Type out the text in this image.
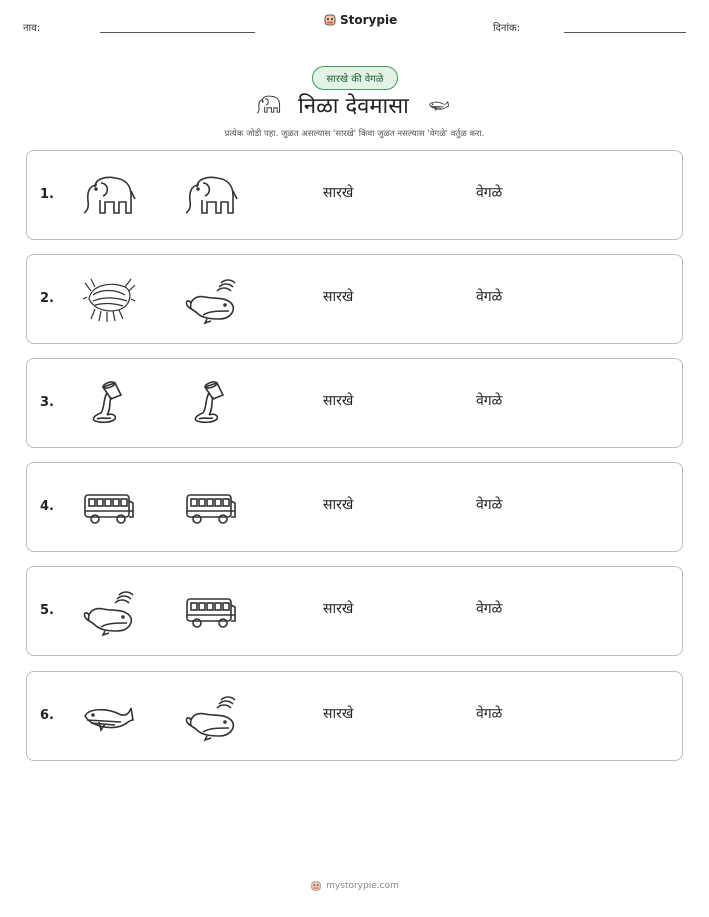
नाव:
Storypie
दिनांक:
सारखे की वेगळे
निळा देवमासा
प्रत्येक जोडी पहा. जुळत असल्यास 'सारखे' किंवा जुळत नसल्यास 'वेगळे' वर्तुळ करा.
1.	सारखे	वेगळे
2.	सारखे	वेगळे
3.	सारखे	वेगळे
4.	सारखे	वेगळे
5.	सारखे	वेगळे
6.	सारखे	वेगळे
mystorypie.com
